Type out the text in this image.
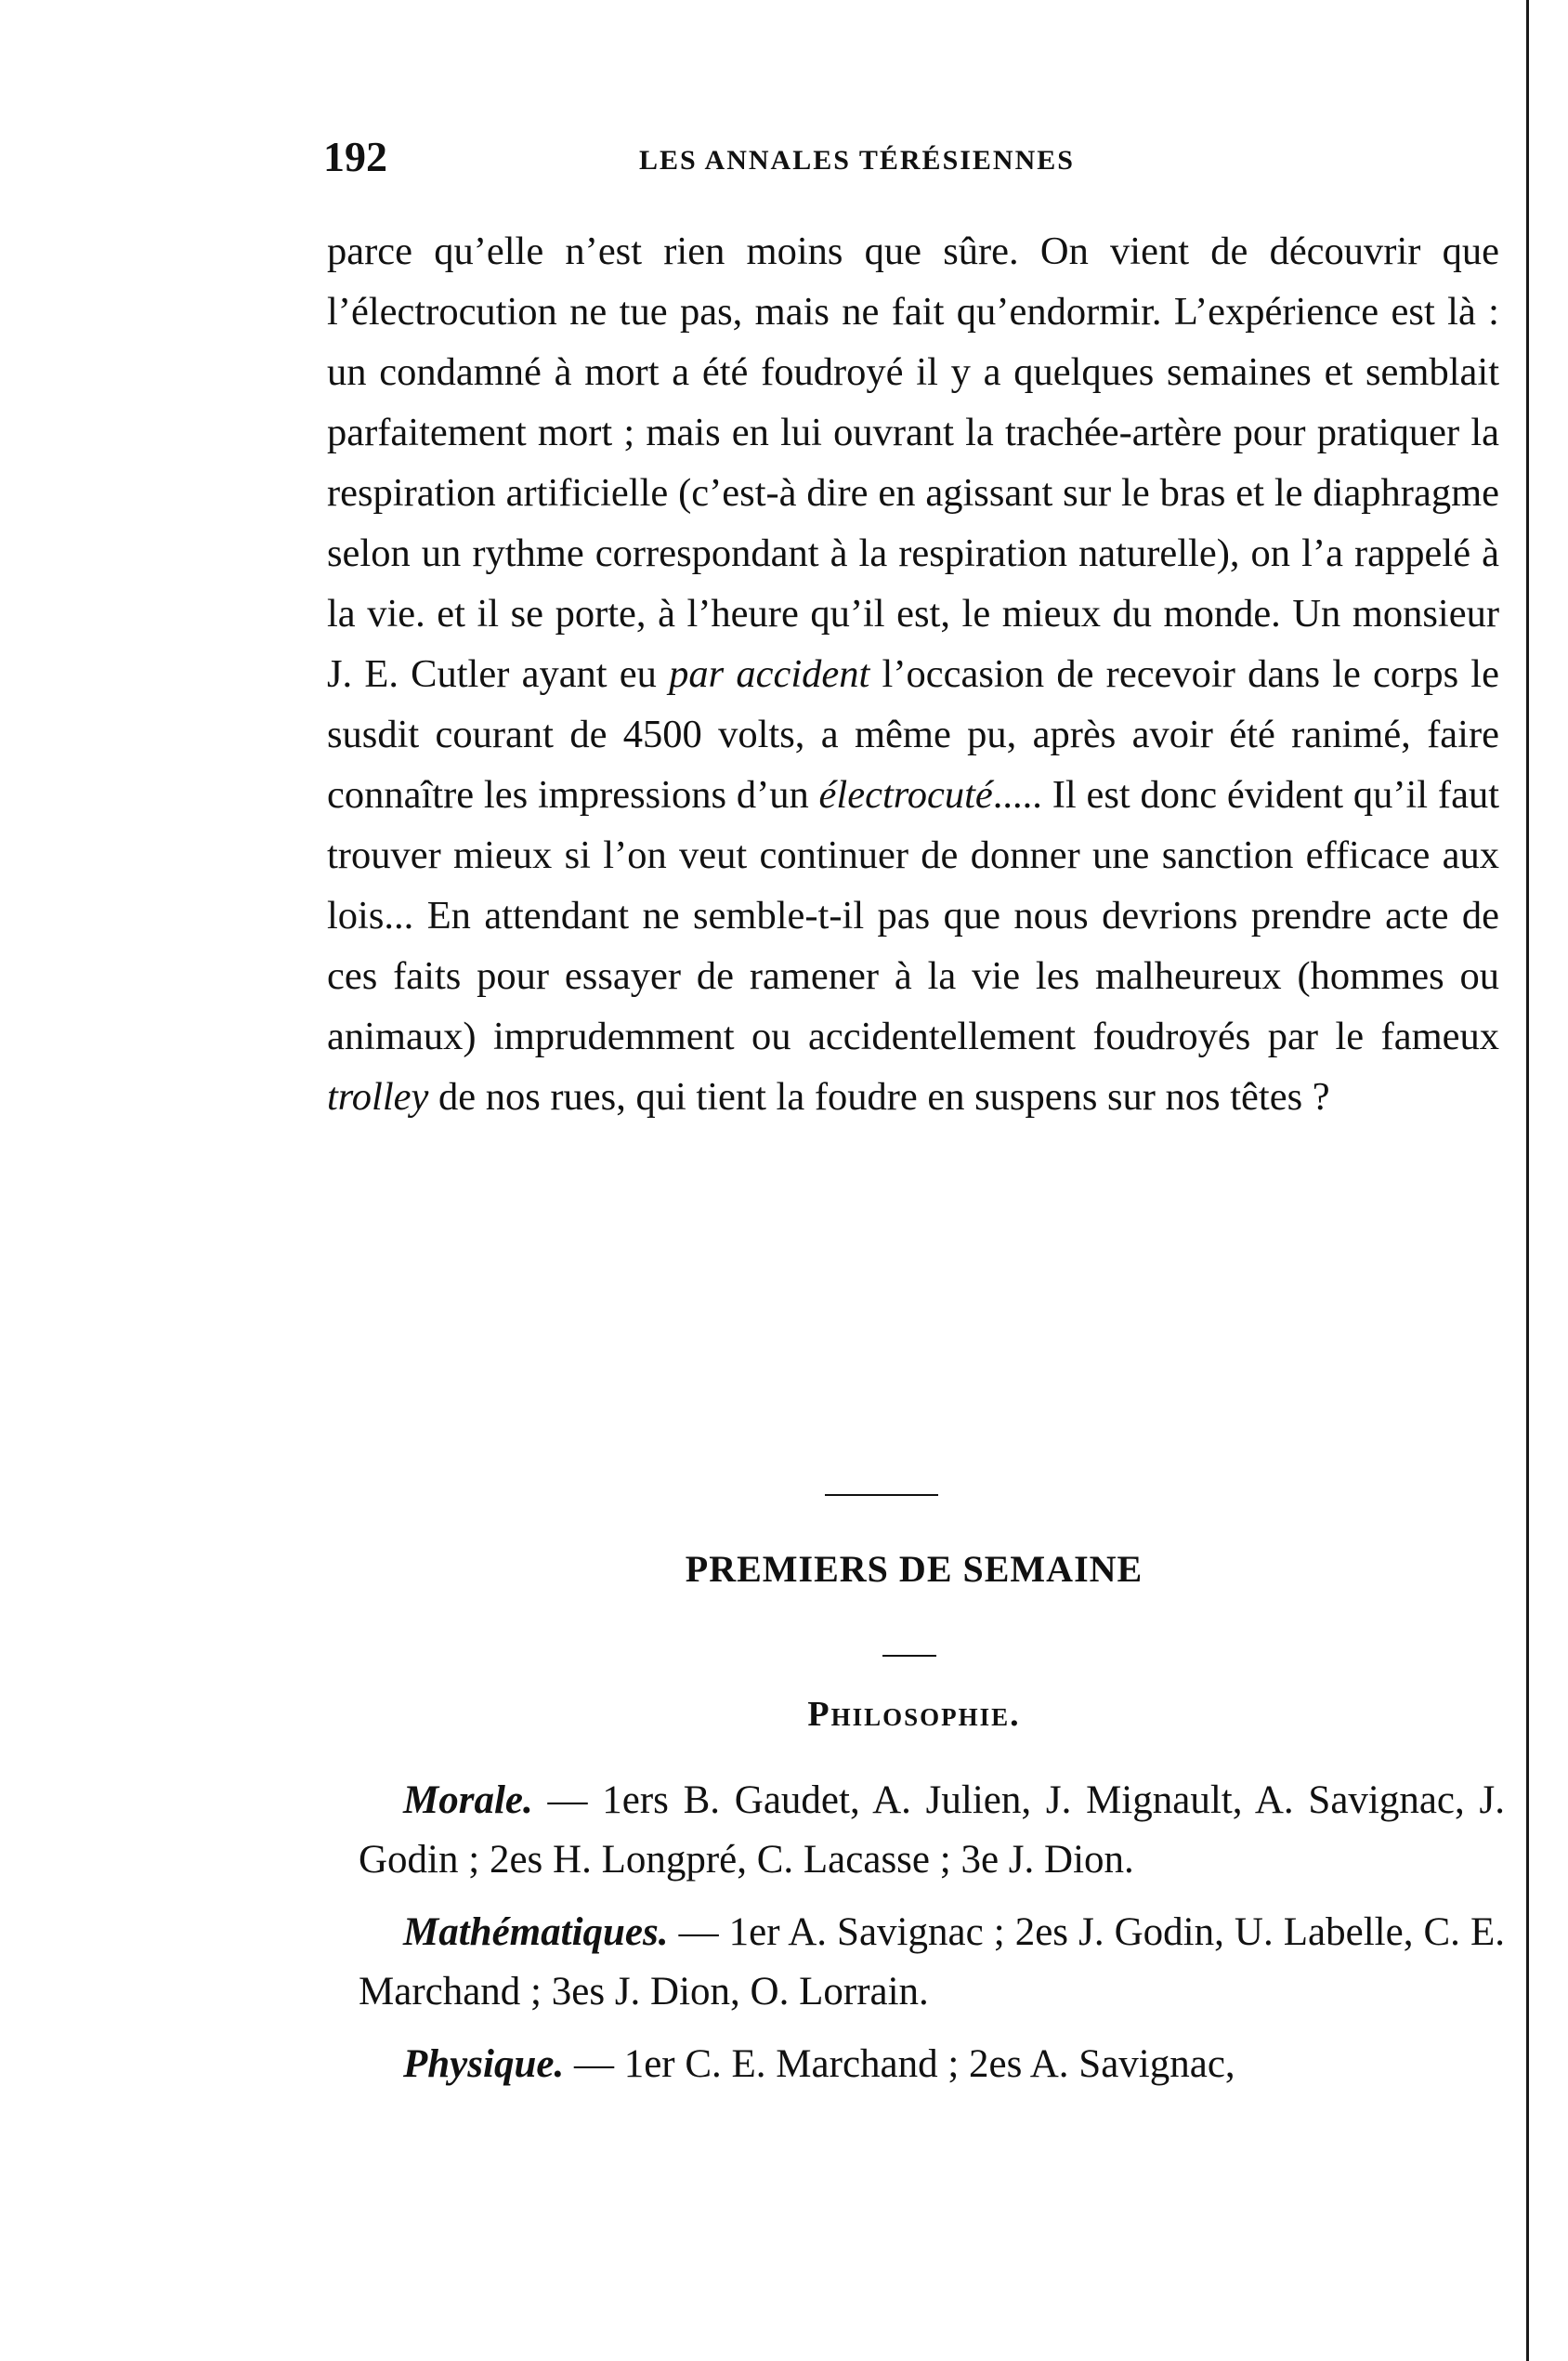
192	LES ANNALES TÉRÉSIENNES

parce qu’elle n’est rien moins que sûre. On vient de découvrir que l’électrocution ne tue pas, mais ne fait qu’endormir. L’expérience est là : un condamné à mort a été foudroyé il y a quelques semaines et semblait parfaitement mort ; mais en lui ouvrant la trachée-artère pour pratiquer la respiration artificielle (c’est-à dire en agissant sur le bras et le diaphragme selon un rythme correspondant à la respiration naturelle), on l’a rappelé à la vie. et il se porte, à l’heure qu’il est, le mieux du monde. Un monsieur J. E. Cutler ayant eu par accident l’occasion de recevoir dans le corps le susdit courant de 4500 volts, a même pu, après avoir été ranimé, faire connaître les impressions d’un électrocuté..... Il est donc évident qu’il faut trouver mieux si l’on veut continuer de donner une sanction efficace aux lois... En attendant ne semble-t-il pas que nous devrions prendre acte de ces faits pour essayer de ramener à la vie les malheureux (hommes ou animaux) imprudemment ou accidentellement foudroyés par le fameux trolley de nos rues, qui tient la foudre en suspens sur nos têtes ?

PREMIERS DE SEMAINE
Philosophie.

Morale. — 1ers B. Gaudet, A. Julien, J. Mignault, A. Savignac, J. Godin ; 2es H. Longpré, C. Lacasse ; 3e J. Dion.

Mathématiques. — 1er A. Savignac ; 2es J. Godin, U. Labelle, C. E. Marchand ; 3es J. Dion, O. Lorrain.

Physique. — 1er C. E. Marchand ; 2es A. Savignac,
